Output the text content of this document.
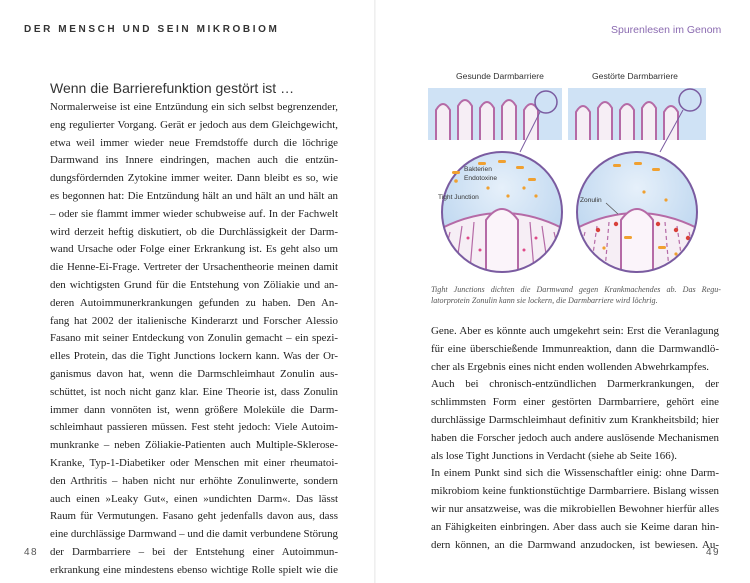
DER MENSCH UND SEIN MIKROBIOM	Spurenlesen im Genom
Wenn die Barrierefunktion gestört ist …
Normalerweise ist eine Entzündung ein sich selbst begrenzender,
eng regulierter Vorgang. Gerät er jedoch aus dem Gleichgewicht,
etwa weil immer wieder neue Fremdstoffe durch die löchrige
Darmwand ins Innere eindringen, machen auch die entzün-
dungsfördernden Zytokine immer weiter. Dann bleibt es so, wie
es begonnen hat: Die Entzündung hält an und hält an und hält an
– oder sie flammt immer wieder schubweise auf. In der Fachwelt
wird derzeit heftig diskutiert, ob die Durchlässigkeit der Darm-
wand Ursache oder Folge einer Erkrankung ist. Es geht also um
die Henne-Ei-Frage. Vertreter der Ursachentheorie meinen damit
den wichtigsten Grund für die Entstehung von Zöliakie und an-
deren Autoimmunerkrankungen gefunden zu haben. Den An-
fang hat 2002 der italienische Kinderarzt und Forscher Alessio
Fasano mit seiner Entdeckung von Zonulin gemacht – ein spezi-
elles Protein, das die Tight Junctions lockern kann. Was der Or-
ganismus davon hat, wenn die Darmschleimhaut Zonulin aus-
schüttet, ist noch nicht ganz klar. Eine Theorie ist, dass Zonulin
immer dann vonnöten ist, wenn größere Moleküle die Darm-
schleimhaut passieren müssen. Fest steht jedoch: Viele Autoim-
munkranke – neben Zöliakie-Patienten auch Multiple-Sklerose-
Kranke, Typ-1-Diabetiker oder Menschen mit einer rheumatoi-
den Arthritis – haben nicht nur erhöhte Zonulinwerte, sondern
auch einen »Leaky Gut«, einen »undichten Darm«. Das lässt
Raum für Vermutungen. Fasano geht jedenfalls davon aus, dass
eine durchlässige Darmwand – und die damit verbundene Störung
der Darmbarriere – bei der Entstehung einer Autoimmun-
erkrankung eine mindestens ebenso wichtige Rolle spielt wie die
48
Gesunde Darmbarriere	Gestörte Darmbarriere
Bakterien
Endotoxine
Tight Junction	Zonulin
Tight Junctions dichten die Darmwand gegen Krankmachendes ab. Das Regu-
latorprotein Zonulin kann sie lockern, die Darmbarriere wird löchrig.
Gene. Aber es könnte auch umgekehrt sein: Erst die Veranlagung
für eine überschießende Immunreaktion, dann die Darmwandlö-
cher als Ergebnis eines nicht enden wollenden Abwehrkampfes.
Auch bei chronisch-entzündlichen Darmerkrankungen, der
schlimmsten Form einer gestörten Darmbarriere, gehört eine
durchlässige Darmschleimhaut definitiv zum Krankheitsbild; hier
haben die Forscher jedoch auch andere auslösende Mechanismen
als lose Tight Junctions in Verdacht (siehe ab Seite 166).
In einem Punkt sind sich die Wissenschaftler einig: ohne Darm-
mikrobiom keine funktionstüchtige Darmbarriere. Bislang wissen
wir nur ansatzweise, was die mikrobiellen Bewohner hierfür alles
an Fähigkeiten einbringen. Aber dass auch sie Keime daran hin-
dern können, an die Darmwand anzudocken, ist bewiesen. Au-
49
